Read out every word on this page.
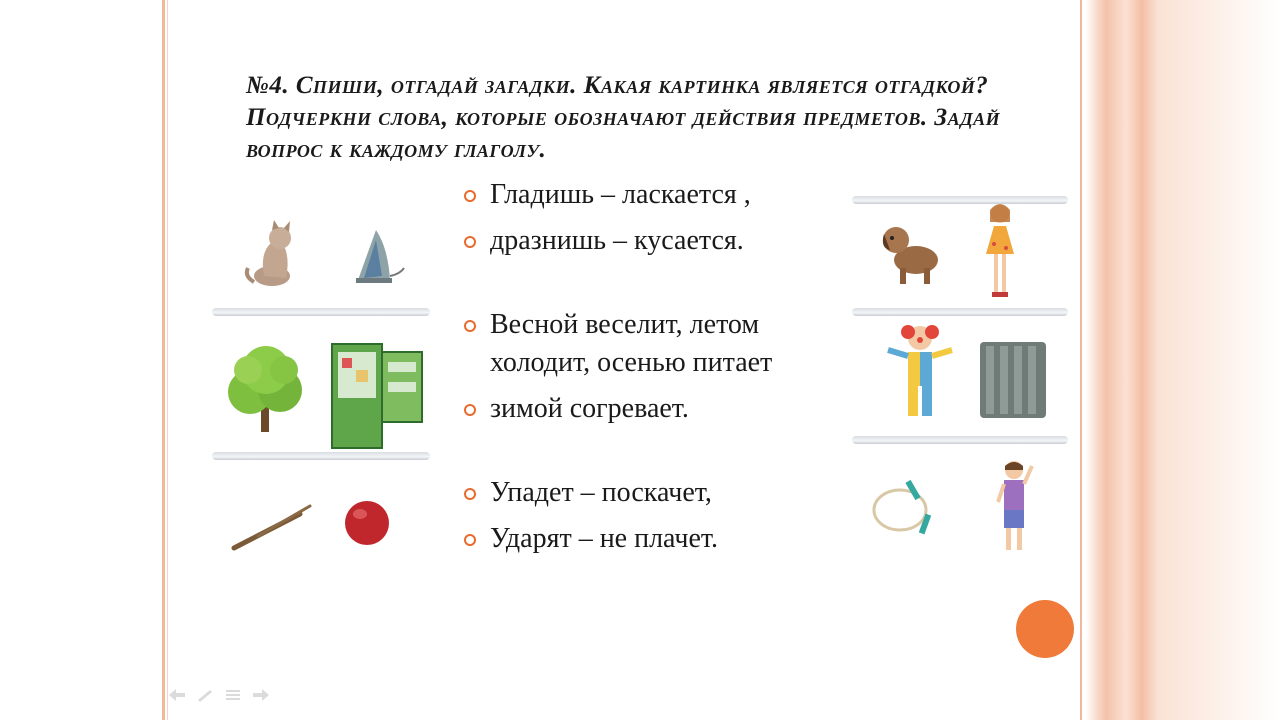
№4. Спиши, отгадай загадки. Какая картинка является отгадкой? Подчеркни слова, которые обозначают действия предметов. Задай вопрос к каждому глаголу.
Гладишь – ласкается ,
дразнишь – кусается.
Весной веселит, летом
холодит, осенью питает
зимой согревает.
Упадет – поскачет,
Ударят – не плачет.
